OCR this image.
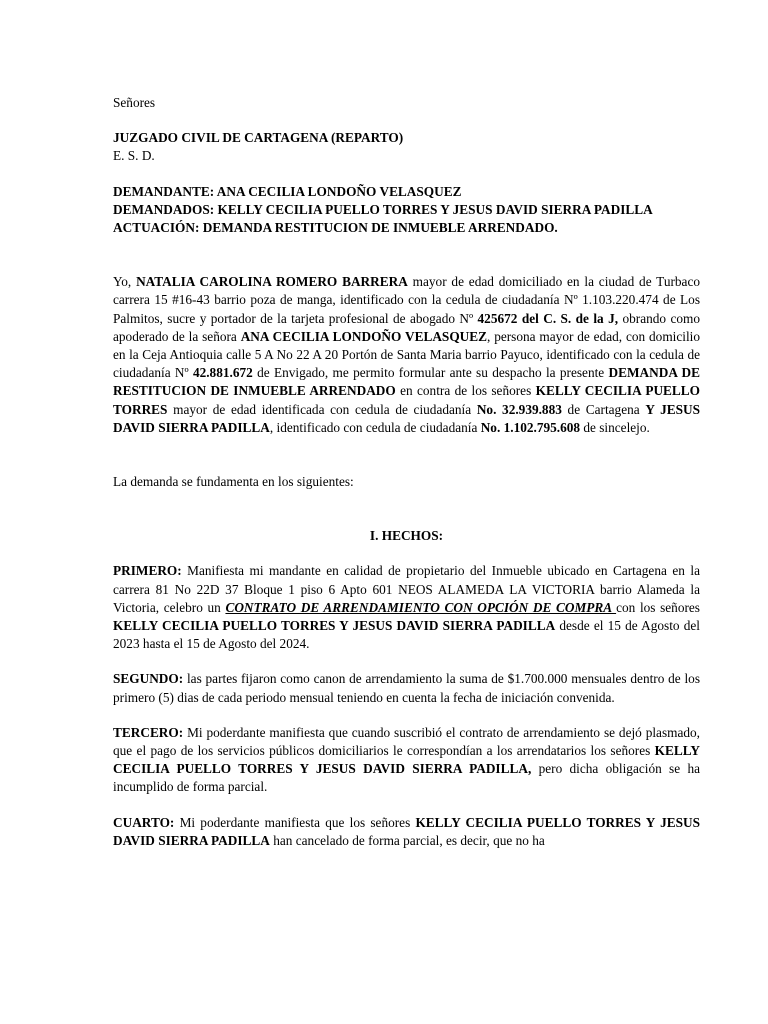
Señores

JUZGADO CIVIL DE CARTAGENA (REPARTO)

E. S. D.

DEMANDANTE: ANA CECILIA LONDOÑO VELASQUEZ

DEMANDADOS: KELLY CECILIA PUELLO TORRES Y JESUS DAVID SIERRA PADILLA

ACTUACIÓN: DEMANDA RESTITUCION DE INMUEBLE ARRENDADO.

Yo, NATALIA CAROLINA ROMERO BARRERA mayor de edad domiciliado en la ciudad de Turbaco carrera 15 #16-43 barrio poza de manga, identificado con la cedula de ciudadanía Nº 1.103.220.474 de Los Palmitos, sucre y portador de la tarjeta profesional de abogado Nº 425672 del C. S. de la J, obrando como apoderado de la señora ANA CECILIA LONDOÑO VELASQUEZ, persona mayor de edad, con domicilio en la Ceja Antioquia calle 5 A No 22 A 20 Portón de Santa Maria barrio Payuco, identificado con la cedula de ciudadanía Nº 42.881.672 de Envigado, me permito formular ante su despacho la presente DEMANDA DE RESTITUCION DE INMUEBLE ARRENDADO en contra de los señores KELLY CECILIA PUELLO TORRES mayor de edad identificada con cedula de ciudadanía No. 32.939.883 de Cartagena Y JESUS DAVID SIERRA PADILLA, identificado con cedula de ciudadanía No. 1.102.795.608 de sincelejo.

La demanda se fundamenta en los siguientes:

I. HECHOS:

PRIMERO: Manifiesta mi mandante en calidad de propietario del Inmueble ubicado en Cartagena en la carrera 81 No 22D 37 Bloque 1 piso 6 Apto 601 NEOS ALAMEDA LA VICTORIA barrio Alameda la Victoria, celebro un CONTRATO DE ARRENDAMIENTO CON OPCIÓN DE COMPRA con los señores KELLY CECILIA PUELLO TORRES Y JESUS DAVID SIERRA PADILLA desde el 15 de Agosto del 2023 hasta el 15 de Agosto del 2024.

SEGUNDO: las partes fijaron como canon de arrendamiento la suma de $1.700.000 mensuales dentro de los primero (5) dias de cada periodo mensual teniendo en cuenta la fecha de iniciación convenida.

TERCERO: Mi poderdante manifiesta que cuando suscribió el contrato de arrendamiento se dejó plasmado, que el pago de los servicios públicos domiciliarios le correspondían a los arrendatarios los señores KELLY CECILIA PUELLO TORRES Y JESUS DAVID SIERRA PADILLA, pero dicha obligación se ha incumplido de forma parcial.

CUARTO: Mi poderdante manifiesta que los señores KELLY CECILIA PUELLO TORRES Y JESUS DAVID SIERRA PADILLA han cancelado de forma parcial, es decir, que no ha
